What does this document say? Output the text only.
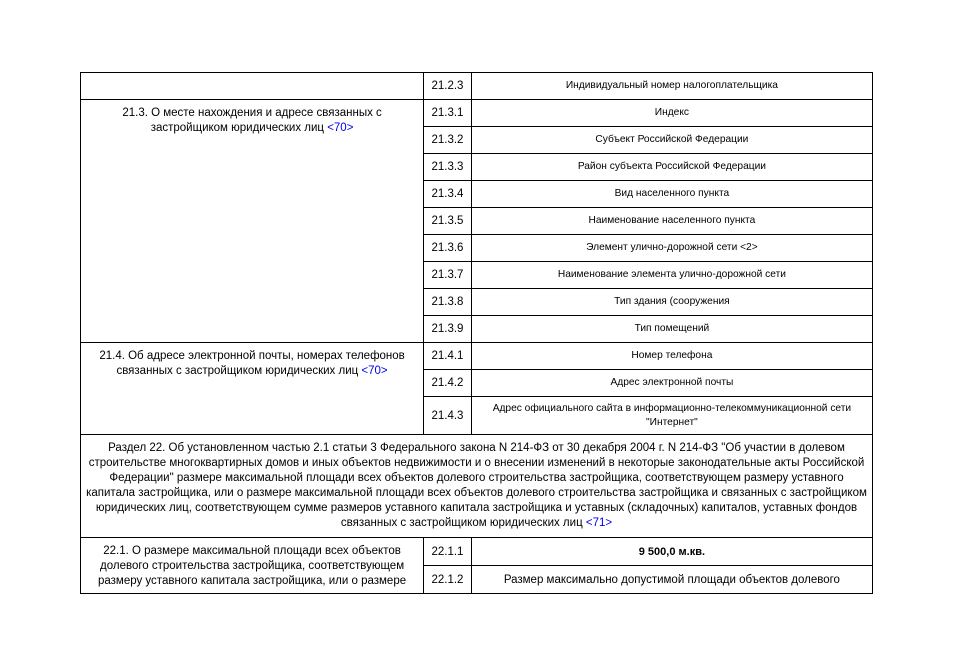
	21.2.3	Индивидуальный номер налогоплательщика
21.3. О месте нахождения и адресе связанных с застройщиком юридических лиц <70>	21.3.1	Индекс
	21.3.2	Субъект Российской Федерации
	21.3.3	Район субъекта Российской Федерации
	21.3.4	Вид населенного пункта
	21.3.5	Наименование населенного пункта
	21.3.6	Элемент улично-дорожной сети <2>
	21.3.7	Наименование элемента улично-дорожной сети
	21.3.8	Тип здания (сооружения
	21.3.9	Тип помещений
21.4. Об адресе электронной почты, номерах телефонов связанных с застройщиком юридических лиц <70>	21.4.1	Номер телефона
	21.4.2	Адрес электронной почты
	21.4.3	Адрес официального сайта в информационно-телекоммуникационной сети "Интернет"
Раздел 22. Об установленном частью 2.1 статьи 3 Федерального закона N 214-ФЗ от 30 декабря 2004 г. N 214-ФЗ "Об участии в долевом строительстве многоквартирных домов и иных объектов недвижимости и о внесении изменений в некоторые законодательные акты Российской Федерации" размере максимальной площади всех объектов долевого строительства застройщика, соответствующем размеру уставного капитала застройщика, или о размере максимальной площади всех объектов долевого строительства застройщика и связанных с застройщиком юридических лиц, соответствующем сумме размеров уставного капитала застройщика и уставных (складочных) капиталов, уставных фондов связанных с застройщиком юридических лиц <71>		
22.1. О размере максимальной площади всех объектов долевого строительства застройщика, соответствующем размеру уставного капитала застройщика, или о размере	22.1.1	9 500,0 м.кв.
	22.1.2	Размер максимально допустимой площади объектов долевого
